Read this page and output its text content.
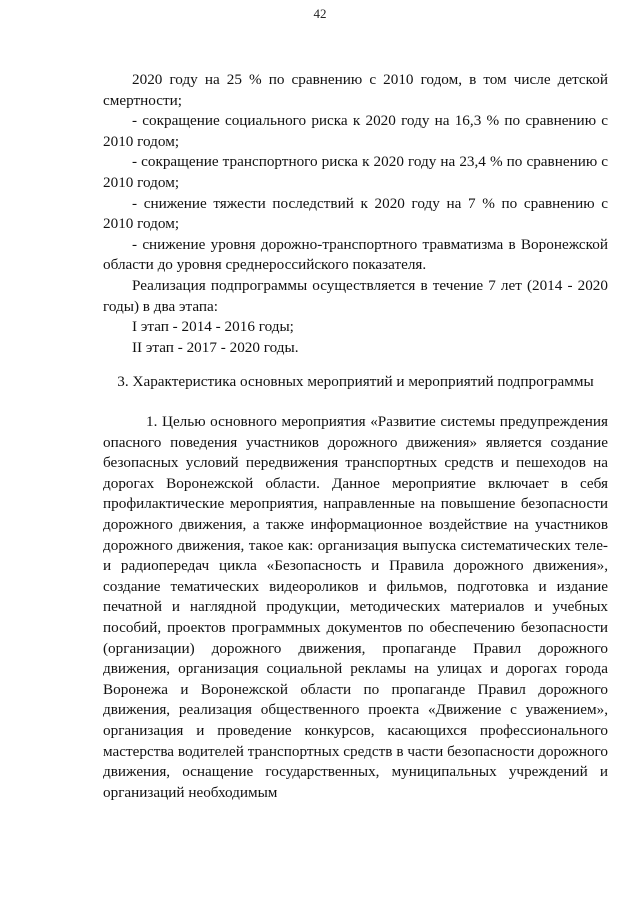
42

2020 году на 25 % по сравнению с 2010 годом, в том числе детской смертности;

- сокращение социального риска к 2020 году на 16,3 % по сравнению с 2010 годом;

- сокращение транспортного риска к 2020 году на 23,4 % по сравнению с 2010 годом;

- снижение тяжести последствий к 2020 году на 7 % по сравнению с 2010 годом;

- снижение уровня дорожно-транспортного травматизма в Воронежской области до уровня среднероссийского показателя.

Реализация подпрограммы осуществляется в течение 7 лет (2014 - 2020 годы) в два этапа:

I этап - 2014 - 2016 годы;

II этап - 2017 - 2020 годы.

3. Характеристика основных мероприятий и мероприятий подпрограммы

1. Целью основного мероприятия «Развитие системы предупреждения опасного поведения участников дорожного движения» является создание безопасных условий передвижения транспортных средств и пешеходов на дорогах Воронежской области. Данное мероприятие включает в себя профилактические мероприятия, направленные на повышение безопасности дорожного движения, а также информационное воздействие на участников дорожного движения, такое как: организация выпуска систематических теле- и радиопередач цикла «Безопасность и Правила дорожного движения», создание тематических видеороликов и фильмов, подготовка и издание печатной и наглядной продукции, методических материалов и учебных пособий, проектов программных документов по обеспечению безопасности (организации) дорожного движения, пропаганде Правил дорожного движения, организация социальной рекламы на улицах и дорогах города Воронежа и Воронежской области по пропаганде Правил дорожного движения, реализация общественного проекта «Движение с уважением», организация и проведение конкурсов, касающихся профессионального мастерства водителей транспортных средств в части безопасности дорожного движения, оснащение государственных, муниципальных учреждений и организаций необходимым
